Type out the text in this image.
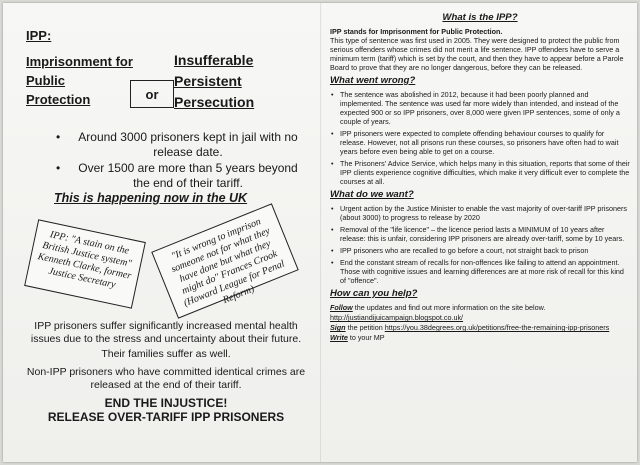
IPP:
Imprisonment for
Public
Protection	or
Insufferable
Persistent
Persecution
• Around 3000 prisoners kept in jail with no release date.
• Over 1500 are more than 5 years beyond the end of their tariff.
This is happening now in the UK
IPP: "A stain on the British Justice system" Kenneth Clarke, former Justice Secretary
"It is wrong to imprison someone not for what they have done but what they might do" Frances Crook (Howard League for Penal Reform)
IPP prisoners suffer significantly increased mental health issues due to the stress and uncertainty about their future.
Their families suffer as well.
Non-IPP prisoners who have committed identical crimes are released at the end of their tariff.
END THE INJUSTICE!
RELEASE OVER-TARIFF IPP PRISONERS
What is the IPP?
IPP stands for Imprisonment for Public Protection.
This type of sentence was first used in 2005. They were designed to protect the public from serious offenders whose crimes did not merit a life sentence. IPP offenders have to serve a minimum term (tariff) which is set by the court, and then they have to appear before a Parole Board to prove that they are no longer dangerous, before they can be released.
What went wrong?
• The sentence was abolished in 2012, because it had been poorly planned and implemented. The sentence was used far more widely than intended, and instead of the expected 900 or so IPP prisoners, over 8,000 were given IPP sentences, some of only a couple of years.
• IPP prisoners were expected to complete offending behaviour courses to qualify for release. However, not all prisons run these courses, so prisoners have often had to wait years before even being able to get on a course.
• The Prisoners' Advice Service, which helps many in this situation, reports that some of their IPP clients experience cognitive difficulties, which make it very difficult ever to complete the courses at all.
What do we want?
• Urgent action by the Justice Minister to enable the vast majority of over-tariff IPP prisoners (about 3000) to progress to release by 2020
• Removal of the "life licence" – the licence period lasts a MINIMUM of 10 years after release: this is unfair, considering IPP prisoners are already over-tariff, some by 10 years.
• IPP prisoners who are recalled to go before a court, not straight back to prison
• End the constant stream of recalls for non-offences like failing to attend an appointment. Those with cognitive issues and learning differences are at more risk of recall for this kind of "offence".
How can you help?
Follow the updates and find out more information on the site below.
http://justiandijuicampaign.blogspot.co.uk/
Sign the petition https://you.38degrees.org.uk/petitions/free-the-remaining-ipp-prisoners
Write to your MP
